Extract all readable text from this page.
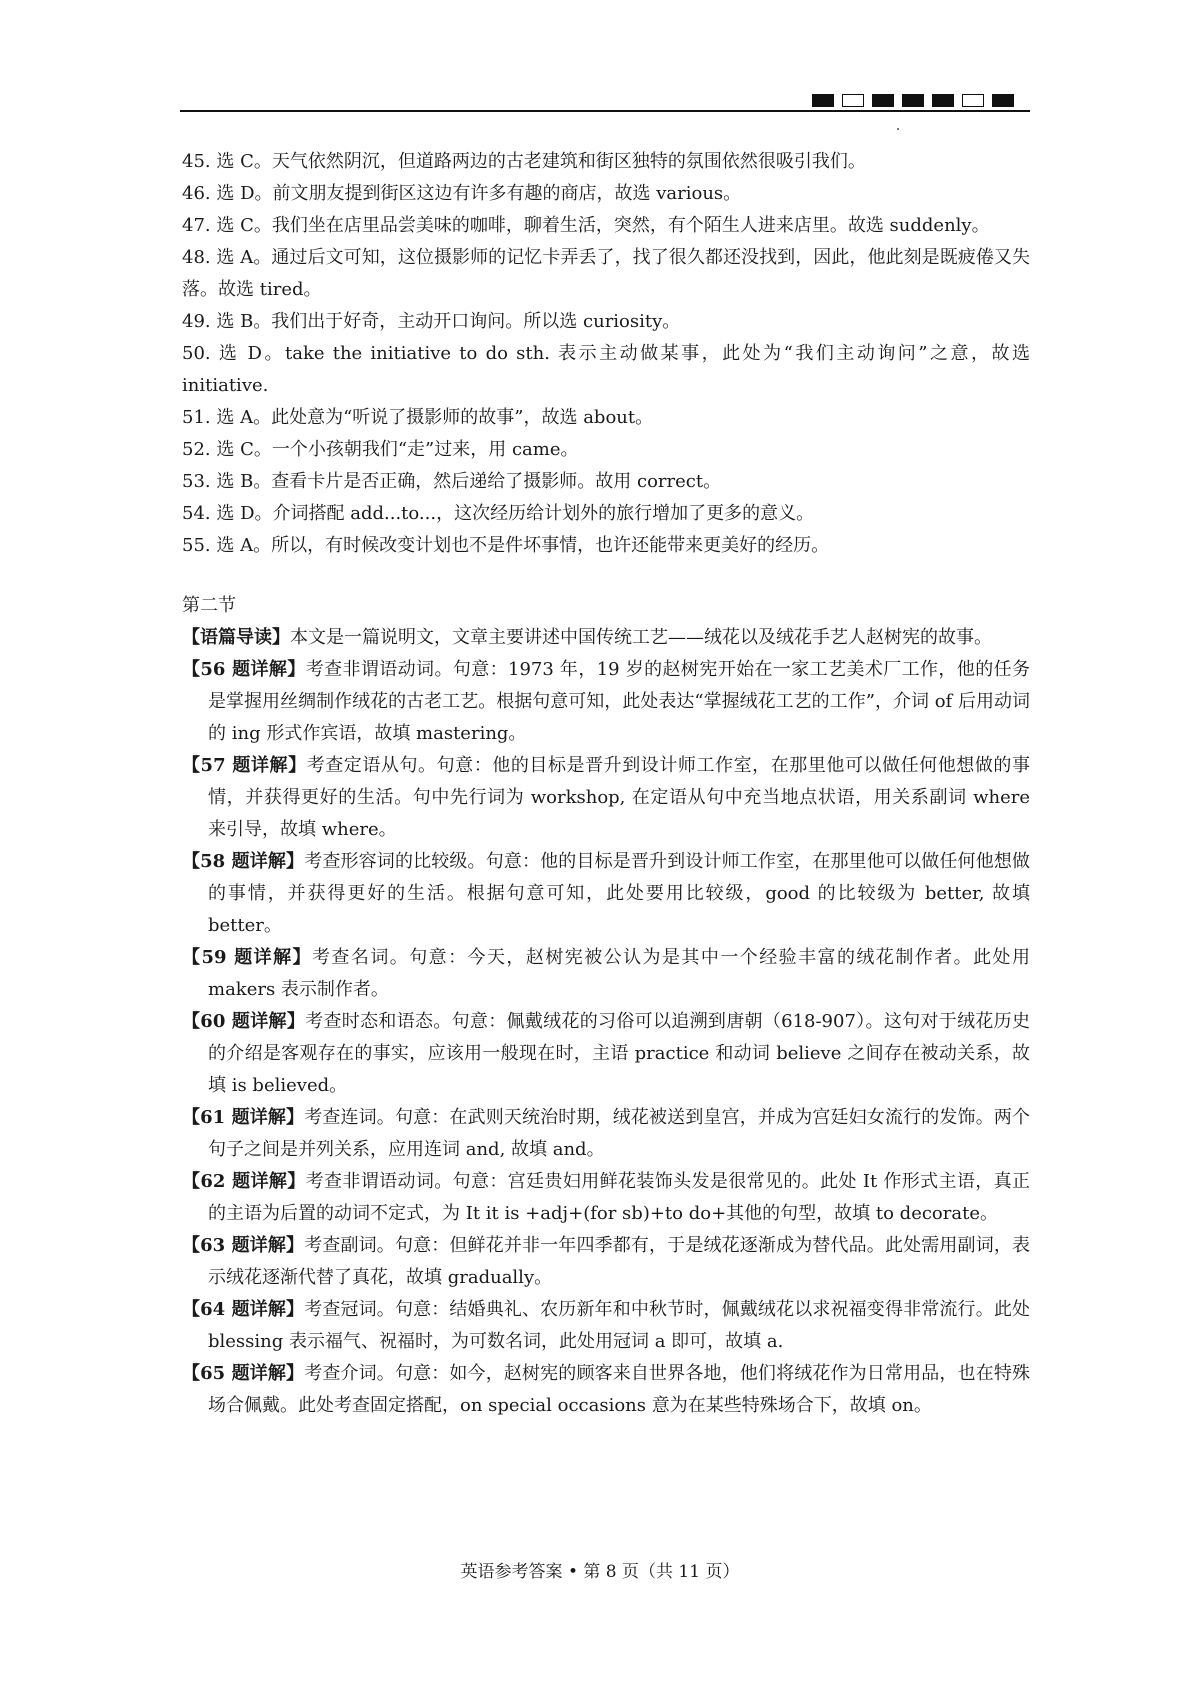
45. 选 C。天气依然阴沉，但道路两边的古老建筑和街区独特的氛围依然很吸引我们。

46. 选 D。前文朋友提到街区这边有许多有趣的商店，故选 various。

47. 选 C。我们坐在店里品尝美味的咖啡，聊着生活，突然，有个陌生人进来店里。故选 suddenly。

48. 选 A。通过后文可知，这位摄影师的记忆卡弄丢了，找了很久都还没找到，因此，他此刻是既疲倦又失落。故选 tired。

49. 选 B。我们出于好奇，主动开口询问。所以选 curiosity。

50. 选 D。take the initiative to do sth. 表示主动做某事，此处为“我们主动询问”之意，故选 initiative.

51. 选 A。此处意为“听说了摄影师的故事”，故选 about。

52. 选 C。一个小孩朝我们“走”过来，用 came。

53. 选 B。查看卡片是否正确，然后递给了摄影师。故用 correct。

54. 选 D。介词搭配 add...to...，这次经历给计划外的旅行增加了更多的意义。

55. 选 A。所以，有时候改变计划也不是件坏事情，也许还能带来更美好的经历。

第二节

【语篇导读】本文是一篇说明文，文章主要讲述中国传统工艺——绒花以及绒花手艺人赵树宪的故事。

【56 题详解】考查非谓语动词。句意：1973 年，19 岁的赵树宪开始在一家工艺美术厂工作，他的任务是掌握用丝绸制作绒花的古老工艺。根据句意可知，此处表达“掌握绒花工艺的工作”，介词 of 后用动词的 ing 形式作宾语，故填 mastering。

【57 题详解】考查定语从句。句意：他的目标是晋升到设计师工作室，在那里他可以做任何他想做的事情，并获得更好的生活。句中先行词为 workshop, 在定语从句中充当地点状语，用关系副词 where 来引导，故填 where。

【58 题详解】考查形容词的比较级。句意：他的目标是晋升到设计师工作室，在那里他可以做任何他想做的事情，并获得更好的生活。根据句意可知，此处要用比较级，good 的比较级为 better, 故填 better。

【59 题详解】考查名词。句意：今天，赵树宪被公认为是其中一个经验丰富的绒花制作者。此处用 makers 表示制作者。

【60 题详解】考查时态和语态。句意：佩戴绒花的习俗可以追溯到唐朝（618-907）。这句对于绒花历史的介绍是客观存在的事实，应该用一般现在时，主语 practice 和动词 believe 之间存在被动关系，故填 is believed。

【61 题详解】考查连词。句意：在武则天统治时期，绒花被送到皇宫，并成为宫廷妇女流行的发饰。两个句子之间是并列关系，应用连词 and, 故填 and。

【62 题详解】考查非谓语动词。句意：宫廷贵妇用鲜花装饰头发是很常见的。此处 It 作形式主语，真正的主语为后置的动词不定式，为 It it is +adj+(for sb)+to do+其他的句型，故填 to decorate。

【63 题详解】考查副词。句意：但鲜花并非一年四季都有，于是绒花逐渐成为替代品。此处需用副词，表示绒花逐渐代替了真花，故填 gradually。

【64 题详解】考查冠词。句意：结婚典礼、农历新年和中秋节时，佩戴绒花以求祝福变得非常流行。此处 blessing 表示福气、祝福时，为可数名词，此处用冠词 a 即可，故填 a.

【65 题详解】考查介词。句意：如今，赵树宪的顾客来自世界各地，他们将绒花作为日常用品，也在特殊场合佩戴。此处考查固定搭配，on special occasions 意为在某些特殊场合下，故填 on。

英语参考答案 • 第 8 页（共 11 页）
